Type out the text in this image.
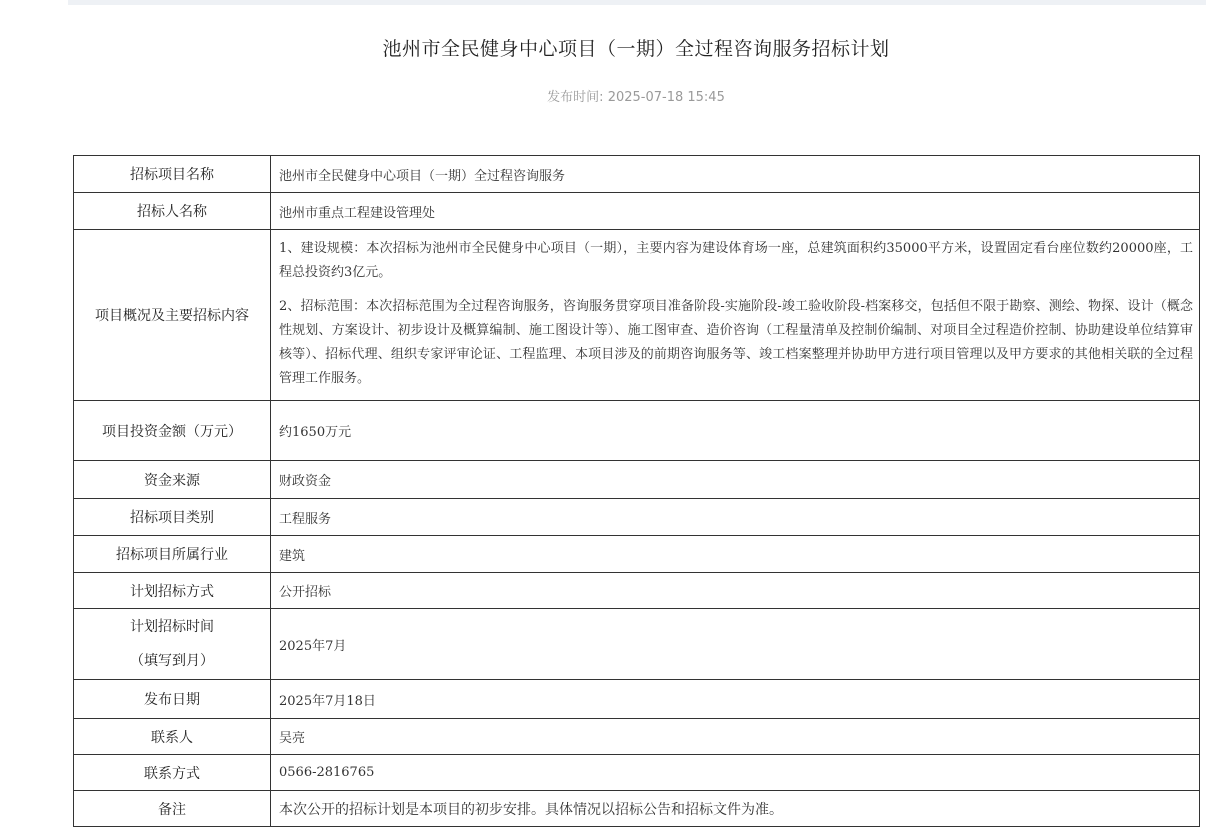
池州市全民健身中心项目（一期）全过程咨询服务招标计划
发布时间: 2025-07-18 15:45
招标项目名称	池州市全民健身中心项目（一期）全过程咨询服务
招标人名称	池州市重点工程建设管理处
项目概况及主要招标内容	1、建设规模：本次招标为池州市全民健身中心项目（一期），主要内容为建设体育场一座，总建筑面积约35000平方米，设置固定看台座位数约20000座，工程总投资约3亿元。

2、招标范围：本次招标范围为全过程咨询服务，咨询服务贯穿项目准备阶段-实施阶段-竣工验收阶段-档案移交，包括但不限于勘察、测绘、物探、设计（概念性规划、方案设计、初步设计及概算编制、施工图设计等）、施工图审查、造价咨询（工程量清单及控制价编制、对项目全过程造价控制、协助建设单位结算审核等）、招标代理、组织专家评审论证、工程监理、本项目涉及的前期咨询服务等、竣工档案整理并协助甲方进行项目管理以及甲方要求的其他相关联的全过程管理工作服务。

项目投资金额（万元）	约1650万元
资金来源	财政资金
招标项目类别	工程服务
招标项目所属行业	建筑
计划招标方式	公开招标

计划招标时间
（填写到月）	2025年7月
发布日期	2025年7月18日
联系人	吴亮
联系方式	0566-2816765
备注	本次公开的招标计划是本项目的初步安排。具体情况以招标公告和招标文件为准。
